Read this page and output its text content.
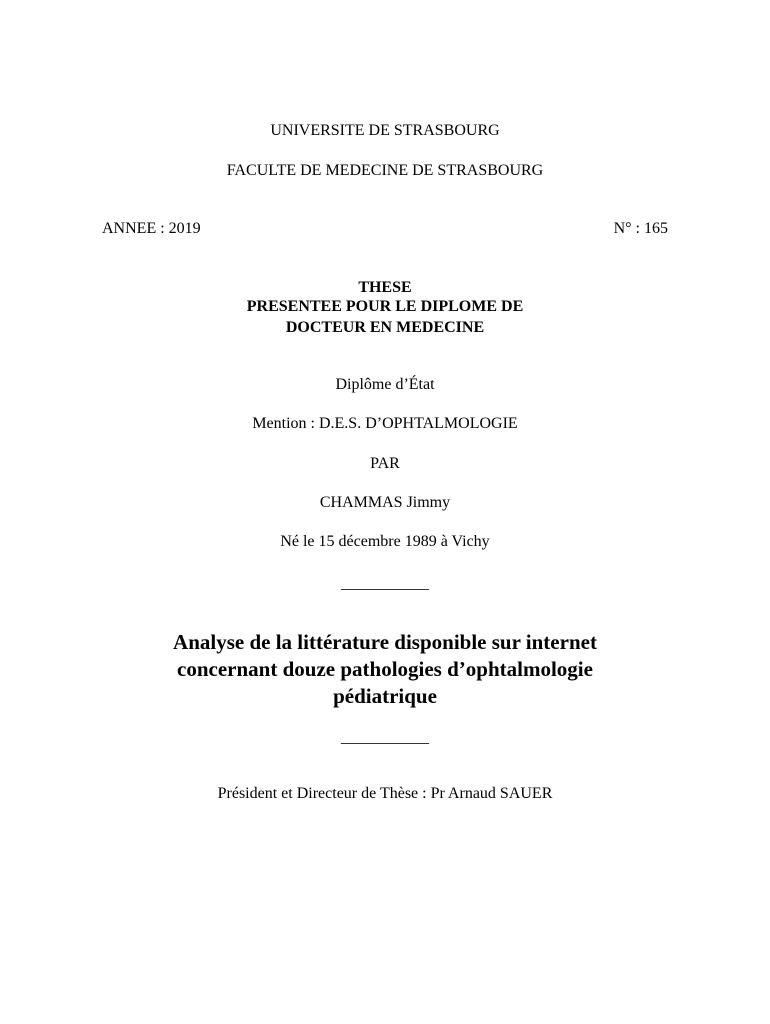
UNIVERSITE DE STRASBOURG
FACULTE DE MEDECINE DE STRASBOURG
ANNEE : 2019	N° : 165
THESE
PRESENTEE POUR LE DIPLOME DE
DOCTEUR EN MEDECINE
Diplôme d’État
Mention : D.E.S. D’OPHTALMOLOGIE
PAR
CHAMMAS Jimmy
Né le 15 décembre 1989 à Vichy
___________
Analyse de la littérature disponible sur internet
concernant douze pathologies d’ophtalmologie
pédiatrique
___________
Président et Directeur de Thèse : Pr Arnaud SAUER
